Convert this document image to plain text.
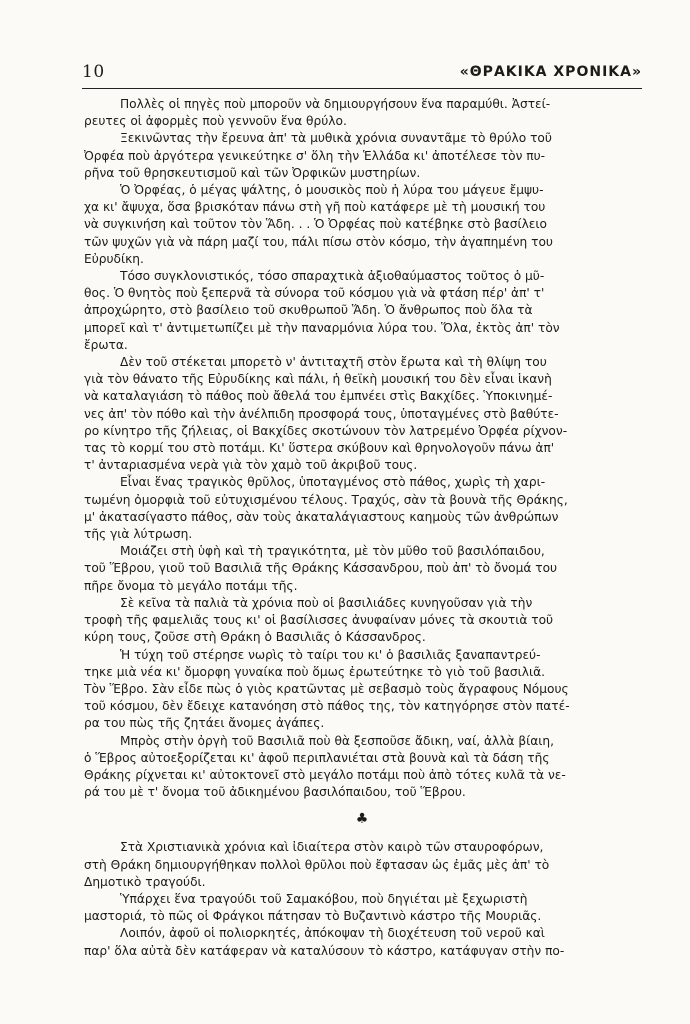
10	«ΘΡΑΚΙΚΑ ΧΡΟΝΙΚΑ»

Πολλὲς οἱ πηγὲς ποὺ μποροῦν νὰ δημιουργήσουν ἕνα παραμύθι. Ἀστεί-
ρευτες οἱ ἀφορμὲς ποὺ γεννοῦν ἕνα θρύλο.

Ξεκινῶντας τὴν ἔρευνα ἀπ' τὰ μυθικὰ χρόνια συναντᾶμε τὸ θρύλο τοῦ
Ὀρφέα ποὺ ἀργότερα γενικεύτηκε σ' ὅλη τὴν Ἑλλάδα κι' ἀποτέλεσε τὸν πυ-
ρῆνα τοῦ θρησκευτισμοῦ καὶ τῶν Ὀρφικῶν μυστηρίων.

Ὁ Ὀρφέας, ὁ μέγας ψάλτης, ὁ μουσικὸς ποὺ ἡ λύρα του μάγευε ἔμψυ-
χα κι' ἄψυχα, ὅσα βρισκόταν πάνω στὴ γῆ ποὺ κατάφερε μὲ τὴ μουσική του
νὰ συγκινήση καὶ τοῦτον τὸν Ἅδη. . . Ὁ Ὀρφέας ποὺ κατέβηκε στὸ βασίλειο
τῶν ψυχῶν γιὰ νὰ πάρη μαζί του, πάλι πίσω στὸν κόσμο, τὴν ἀγαπημένη του
Εὐρυδίκη.

Τόσο συγκλονιστικός, τόσο σπαραχτικὰ ἀξιοθαύμαστος τοῦτος ὁ μῦ-
θος. Ὁ θνητὸς ποὺ ξεπερνᾶ τὰ σύνορα τοῦ κόσμου γιὰ νὰ φτάση πέρ' ἀπ' τ'
ἀπροχώρητο, στὸ βασίλειο τοῦ σκυθρωποῦ Ἅδη. Ὁ ἄνθρωπος ποὺ ὅλα τὰ
μπορεῖ καὶ τ' ἀντιμετωπίζει μὲ τὴν παναρμόνια λύρα του. Ὅλα, ἐκτὸς ἀπ' τὸν
ἔρωτα.

Δὲν τοῦ στέκεται μπορετὸ ν' ἀντιταχτῆ στὸν ἔρωτα καὶ τὴ θλίψη του
γιὰ τὸν θάνατο τῆς Εὐρυδίκης καὶ πάλι, ἡ θεϊκὴ μουσική του δὲν εἶναι ἱκανὴ
νὰ καταλαγιάση τὸ πάθος ποὺ ἄθελά του ἐμπνέει στὶς Βακχίδες. Ὑποκινημέ-
νες ἀπ' τὸν πόθο καὶ τὴν ἀνέλπιδη προσφορά τους, ὑποταγμένες στὸ βαθύτε-
ρο κίνητρο τῆς ζήλειας, οἱ Βακχίδες σκοτώνουν τὸν λατρεμένο Ὀρφέα ρίχνον-
τας τὸ κορμί του στὸ ποτάμι. Κι' ὕστερα σκύβουν καὶ θρηνολογοῦν πάνω ἀπ'
τ' ἀνταριασμένα νερὰ γιὰ τὸν χαμὸ τοῦ ἀκριβοῦ τους.

Εἶναι ἕνας τραγικὸς θρῦλος, ὑποταγμένος στὸ πάθος, χωρὶς τὴ χαρι-
τωμένη ὀμορφιὰ τοῦ εὐτυχισμένου τέλους. Τραχύς, σὰν τὰ βουνὰ τῆς Θράκης,
μ' ἀκατασίγαστο πάθος, σὰν τοὺς ἀκαταλάγιαστους καημοὺς τῶν ἀνθρώπων
τῆς γιὰ λύτρωση.

Μοιάζει στὴ ὑφὴ καὶ τὴ τραγικότητα, μὲ τὸν μῦθο τοῦ βασιλόπαιδου,
τοῦ Ἕβρου, γιοῦ τοῦ Βασιλιᾶ τῆς Θράκης Κάσσανδρου, ποὺ ἀπ' τὸ ὄνομά του
πῆρε ὄνομα τὸ μεγάλο ποτάμι τῆς.

Σὲ κεῖνα τὰ παλιὰ τὰ χρόνια ποὺ οἱ βασιλιάδες κυνηγοῦσαν γιὰ τὴν
τροφὴ τῆς φαμελιᾶς τους κι' οἱ βασίλισσες ἀνυφαίναν μόνες τὰ σκουτιὰ τοῦ
κύρη τους, ζοῦσε στὴ Θράκη ὁ Βασιλιᾶς ὁ Κάσσανδρος.

Ἡ τύχη τοῦ στέρησε νωρὶς τὸ ταίρι του κι' ὁ βασιλιᾶς ξαναπαντρεύ-
τηκε μιὰ νέα κι' ὄμορφη γυναίκα ποὺ ὅμως ἐρωτεύτηκε τὸ γιὸ τοῦ βασιλιᾶ.
Τὸν Ἕβρο. Σὰν εἶδε πὼς ὁ γιὸς κρατῶντας μὲ σεβασμὸ τοὺς ἄγραφους Νόμους
τοῦ κόσμου, δὲν ἔδειχε κατανόηση στὸ πάθος της, τὸν κατηγόρησε στὸν πατέ-
ρα του πὼς τῆς ζητάει ἄνομες ἀγάπες.

Μπρὸς στὴν ὀργὴ τοῦ Βασιλιᾶ ποὺ θὰ ξεσποῦσε ἄδικη, ναί, ἀλλὰ βίαιη,
ὁ Ἕβρος αὐτοεξορίζεται κι' ἀφοῦ περιπλανιέται στὰ βουνὰ καὶ τὰ δάση τῆς
Θράκης ρίχνεται κι' αὐτοκτονεῖ στὸ μεγάλο ποτάμι ποὺ ἀπὸ τότες κυλᾶ τὰ νε-
ρά του μὲ τ' ὄνομα τοῦ ἀδικημένου βασιλόπαιδου, τοῦ Ἕβρου.

♣

Στὰ Χριστιανικὰ χρόνια καὶ ἰδιαίτερα στὸν καιρὸ τῶν σταυροφόρων,
στὴ Θράκη δημιουργήθηκαν πολλοὶ θρῦλοι ποὺ ἔφτασαν ὡς ἐμᾶς μὲς ἀπ' τὸ
Δημοτικὸ τραγούδι.

Ὑπάρχει ἕνα τραγούδι τοῦ Σαμακόβου, ποὺ δηγιέται μὲ ξεχωριστὴ
μαστοριά, τὸ πῶς οἱ Φράγκοι πάτησαν τὸ Βυζαντινὸ κάστρο τῆς Μουριᾶς.

Λοιπόν, ἀφοῦ οἱ πολιορκητές, ἀπόκοψαν τὴ διοχέτευση τοῦ νεροῦ καὶ
παρ' ὅλα αὐτὰ δὲν κατάφεραν νὰ καταλύσουν τὸ κάστρο, κατάφυγαν στὴν πο-
